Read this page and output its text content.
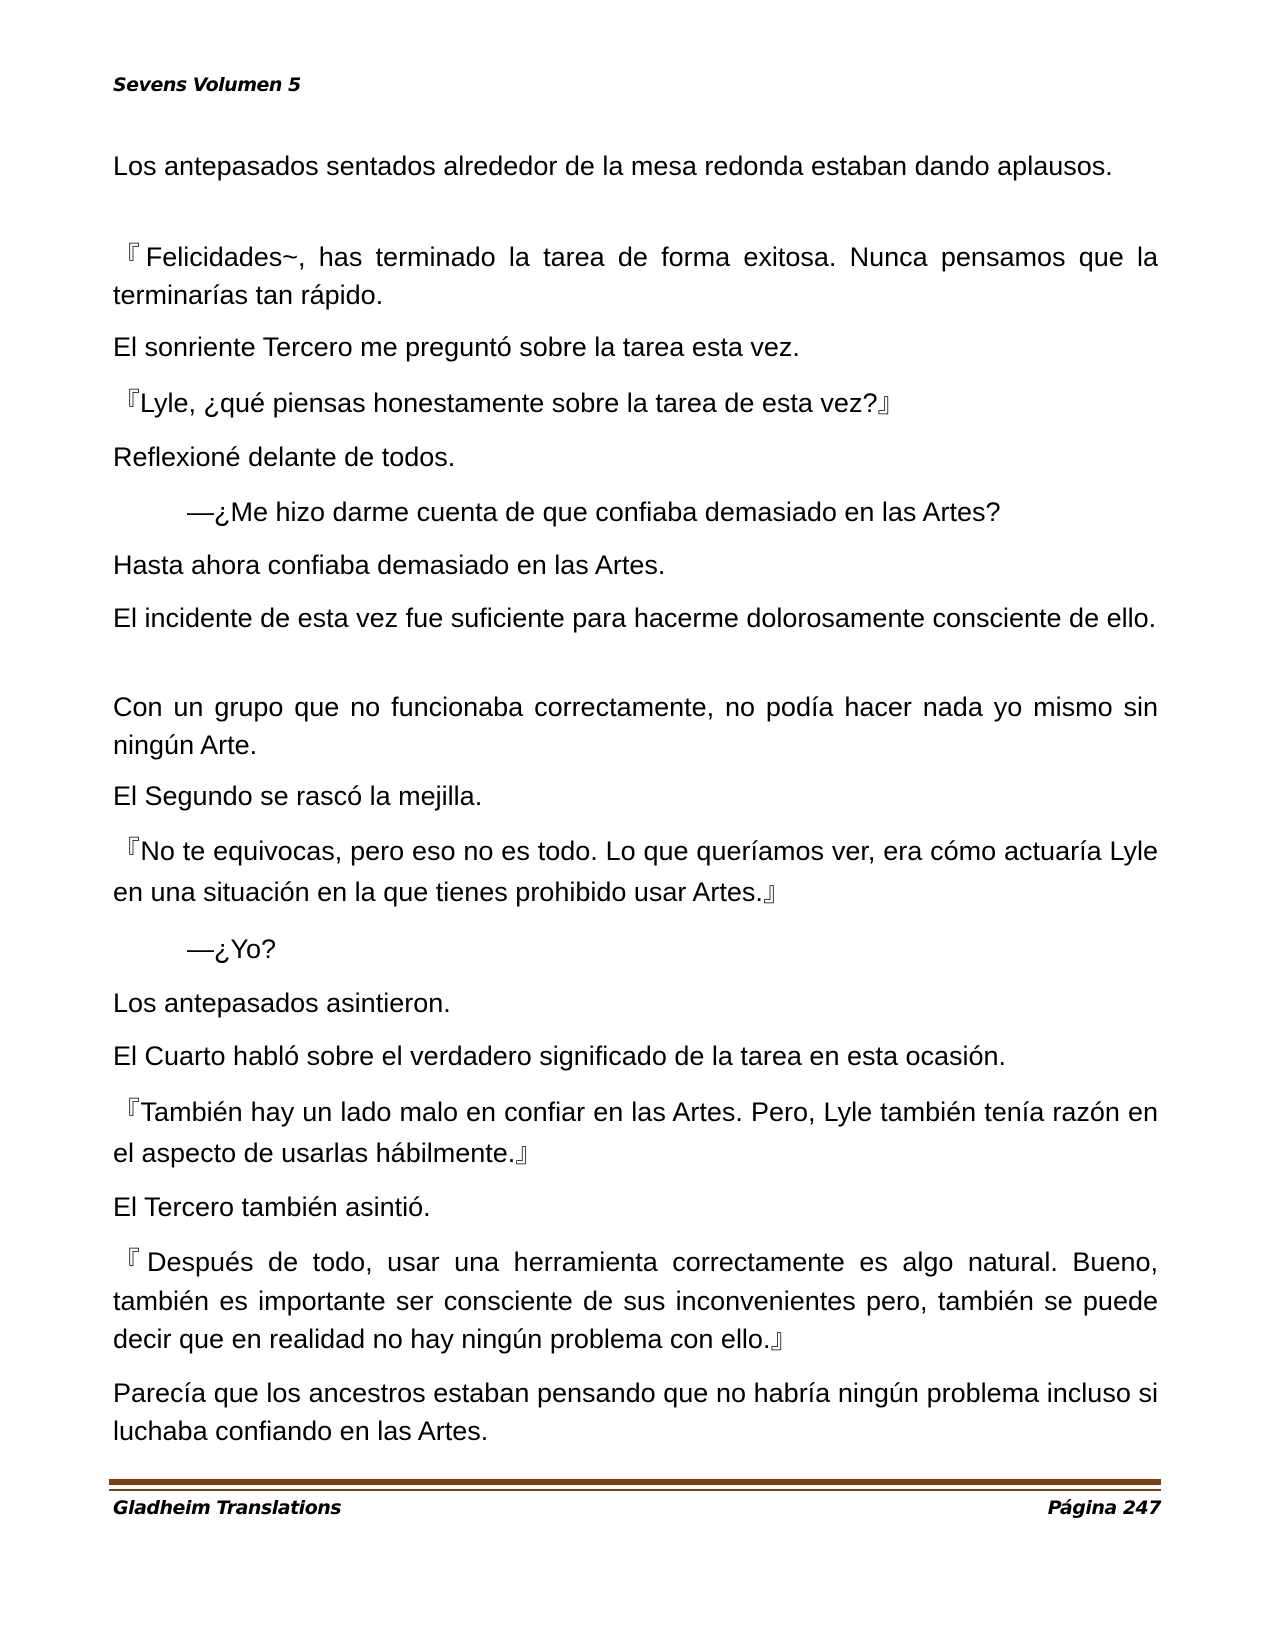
Sevens Volumen 5

Los antepasados sentados alrededor de la mesa redonda estaban dando aplausos.

『Felicidades~, has terminado la tarea de forma exitosa. Nunca pensamos que la terminarías tan rápido.

El sonriente Tercero me preguntó sobre la tarea esta vez.

『Lyle, ¿qué piensas honestamente sobre la tarea de esta vez?』

Reflexioné delante de todos.

—¿Me hizo darme cuenta de que confiaba demasiado en las Artes?

Hasta ahora confiaba demasiado en las Artes.

El incidente de esta vez fue suficiente para hacerme dolorosamente consciente de ello.

Con un grupo que no funcionaba correctamente, no podía hacer nada yo mismo sin ningún Arte.

El Segundo se rascó la mejilla.

『No te equivocas, pero eso no es todo. Lo que queríamos ver, era cómo actuaría Lyle en una situación en la que tienes prohibido usar Artes.』

—¿Yo?

Los antepasados asintieron.

El Cuarto habló sobre el verdadero significado de la tarea en esta ocasión.

『También hay un lado malo en confiar en las Artes. Pero, Lyle también tenía razón en el aspecto de usarlas hábilmente.』

El Tercero también asintió.

『Después de todo, usar una herramienta correctamente es algo natural. Bueno, también es importante ser consciente de sus inconvenientes pero, también se puede decir que en realidad no hay ningún problema con ello.』

Parecía que los ancestros estaban pensando que no habría ningún problema incluso si luchaba confiando en las Artes.

Gladheim Translations	Página 247
